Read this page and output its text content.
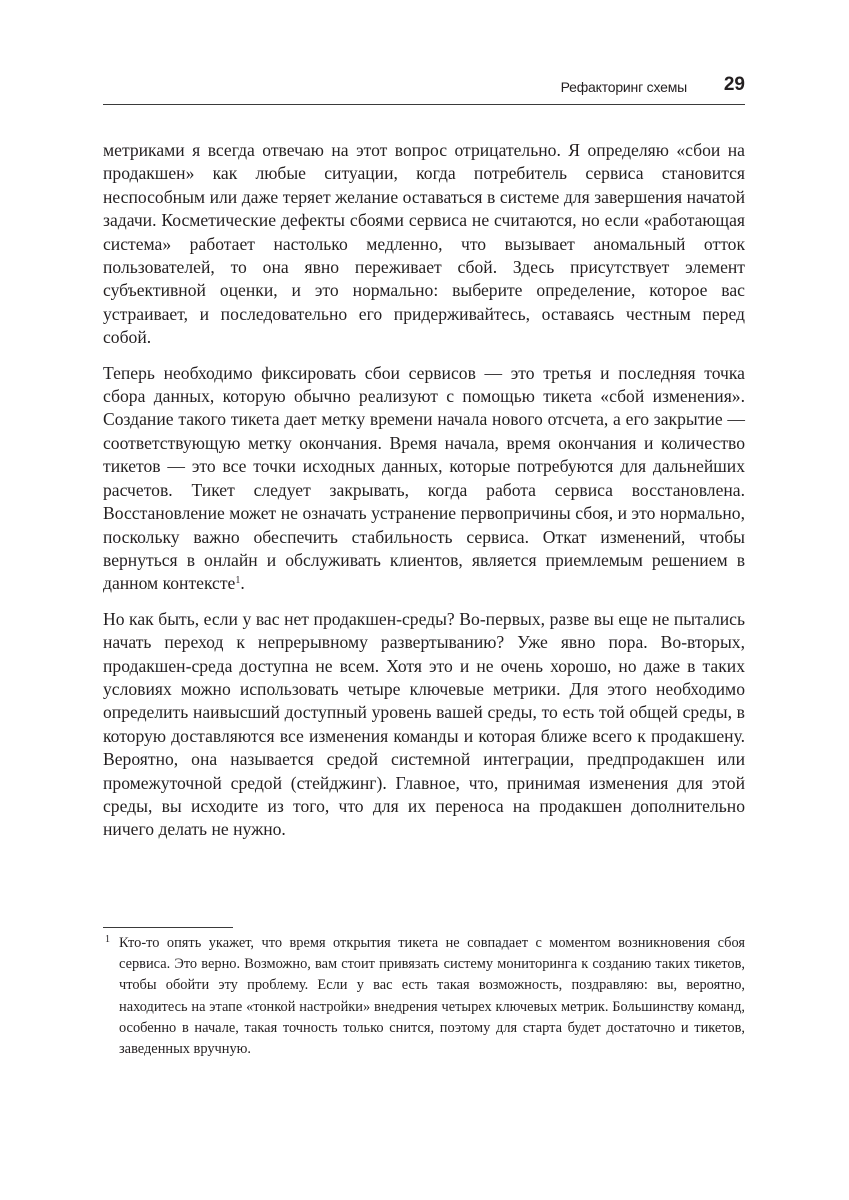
Рефакторинг схемы 29

метриками я всегда отвечаю на этот вопрос отрицательно. Я определяю «сбои на продакшен» как любые ситуации, когда потребитель сервиса становится неспособным или даже теряет желание оставаться в системе для завершения начатой задачи. Косметические дефекты сбоями сервиса не считаются, но если «работающая система» работает настолько медленно, что вызывает аномальный отток пользователей, то она явно переживает сбой. Здесь присутствует элемент субъективной оценки, и это нормально: выберите определение, которое вас устраивает, и последовательно его придерживайтесь, оставаясь честным перед собой.

Теперь необходимо фиксировать сбои сервисов — это третья и последняя точка сбора данных, которую обычно реализуют с помощью тикета «сбой изменения». Создание такого тикета дает метку времени начала нового отсчета, а его закрытие — соответствующую метку окончания. Время начала, время окончания и количество тикетов — это все точки исходных данных, которые потребуются для дальнейших расчетов. Тикет следует закрывать, когда работа сервиса восстановлена. Восстановление может не означать устранение первопричины сбоя, и это нормально, поскольку важно обеспечить стабильность сервиса. Откат изменений, чтобы вернуться в онлайн и обслуживать клиентов, является приемлемым решением в данном контексте$^1$.

Но как быть, если у вас нет продакшен-среды? Во-первых, разве вы еще не пытались начать переход к непрерывному развертыванию? Уже явно пора. Во-вторых, продакшен-среда доступна не всем. Хотя это и не очень хорошо, но даже в таких условиях можно использовать четыре ключевые метрики. Для этого необходимо определить наивысший доступный уровень вашей среды, то есть той общей среды, в которую доставляются все изменения команды и которая ближе всего к продакшену. Вероятно, она называется средой системной интеграции, предпродакшен или промежуточной средой (стейджинг). Главное, что, принимая изменения для этой среды, вы исходите из того, что для их переноса на продакшен дополнительно ничего делать не нужно.

1 Кто-то опять укажет, что время открытия тикета не совпадает с моментом возникновения сбоя сервиса. Это верно. Возможно, вам стоит привязать систему мониторинга к созданию таких тикетов, чтобы обойти эту проблему. Если у вас есть такая возможность, поздравляю: вы, вероятно, находитесь на этапе «тонкой настройки» внедрения четырех ключевых метрик. Большинству команд, особенно в начале, такая точность только снится, поэтому для старта будет достаточно и тикетов, заведенных вручную.
